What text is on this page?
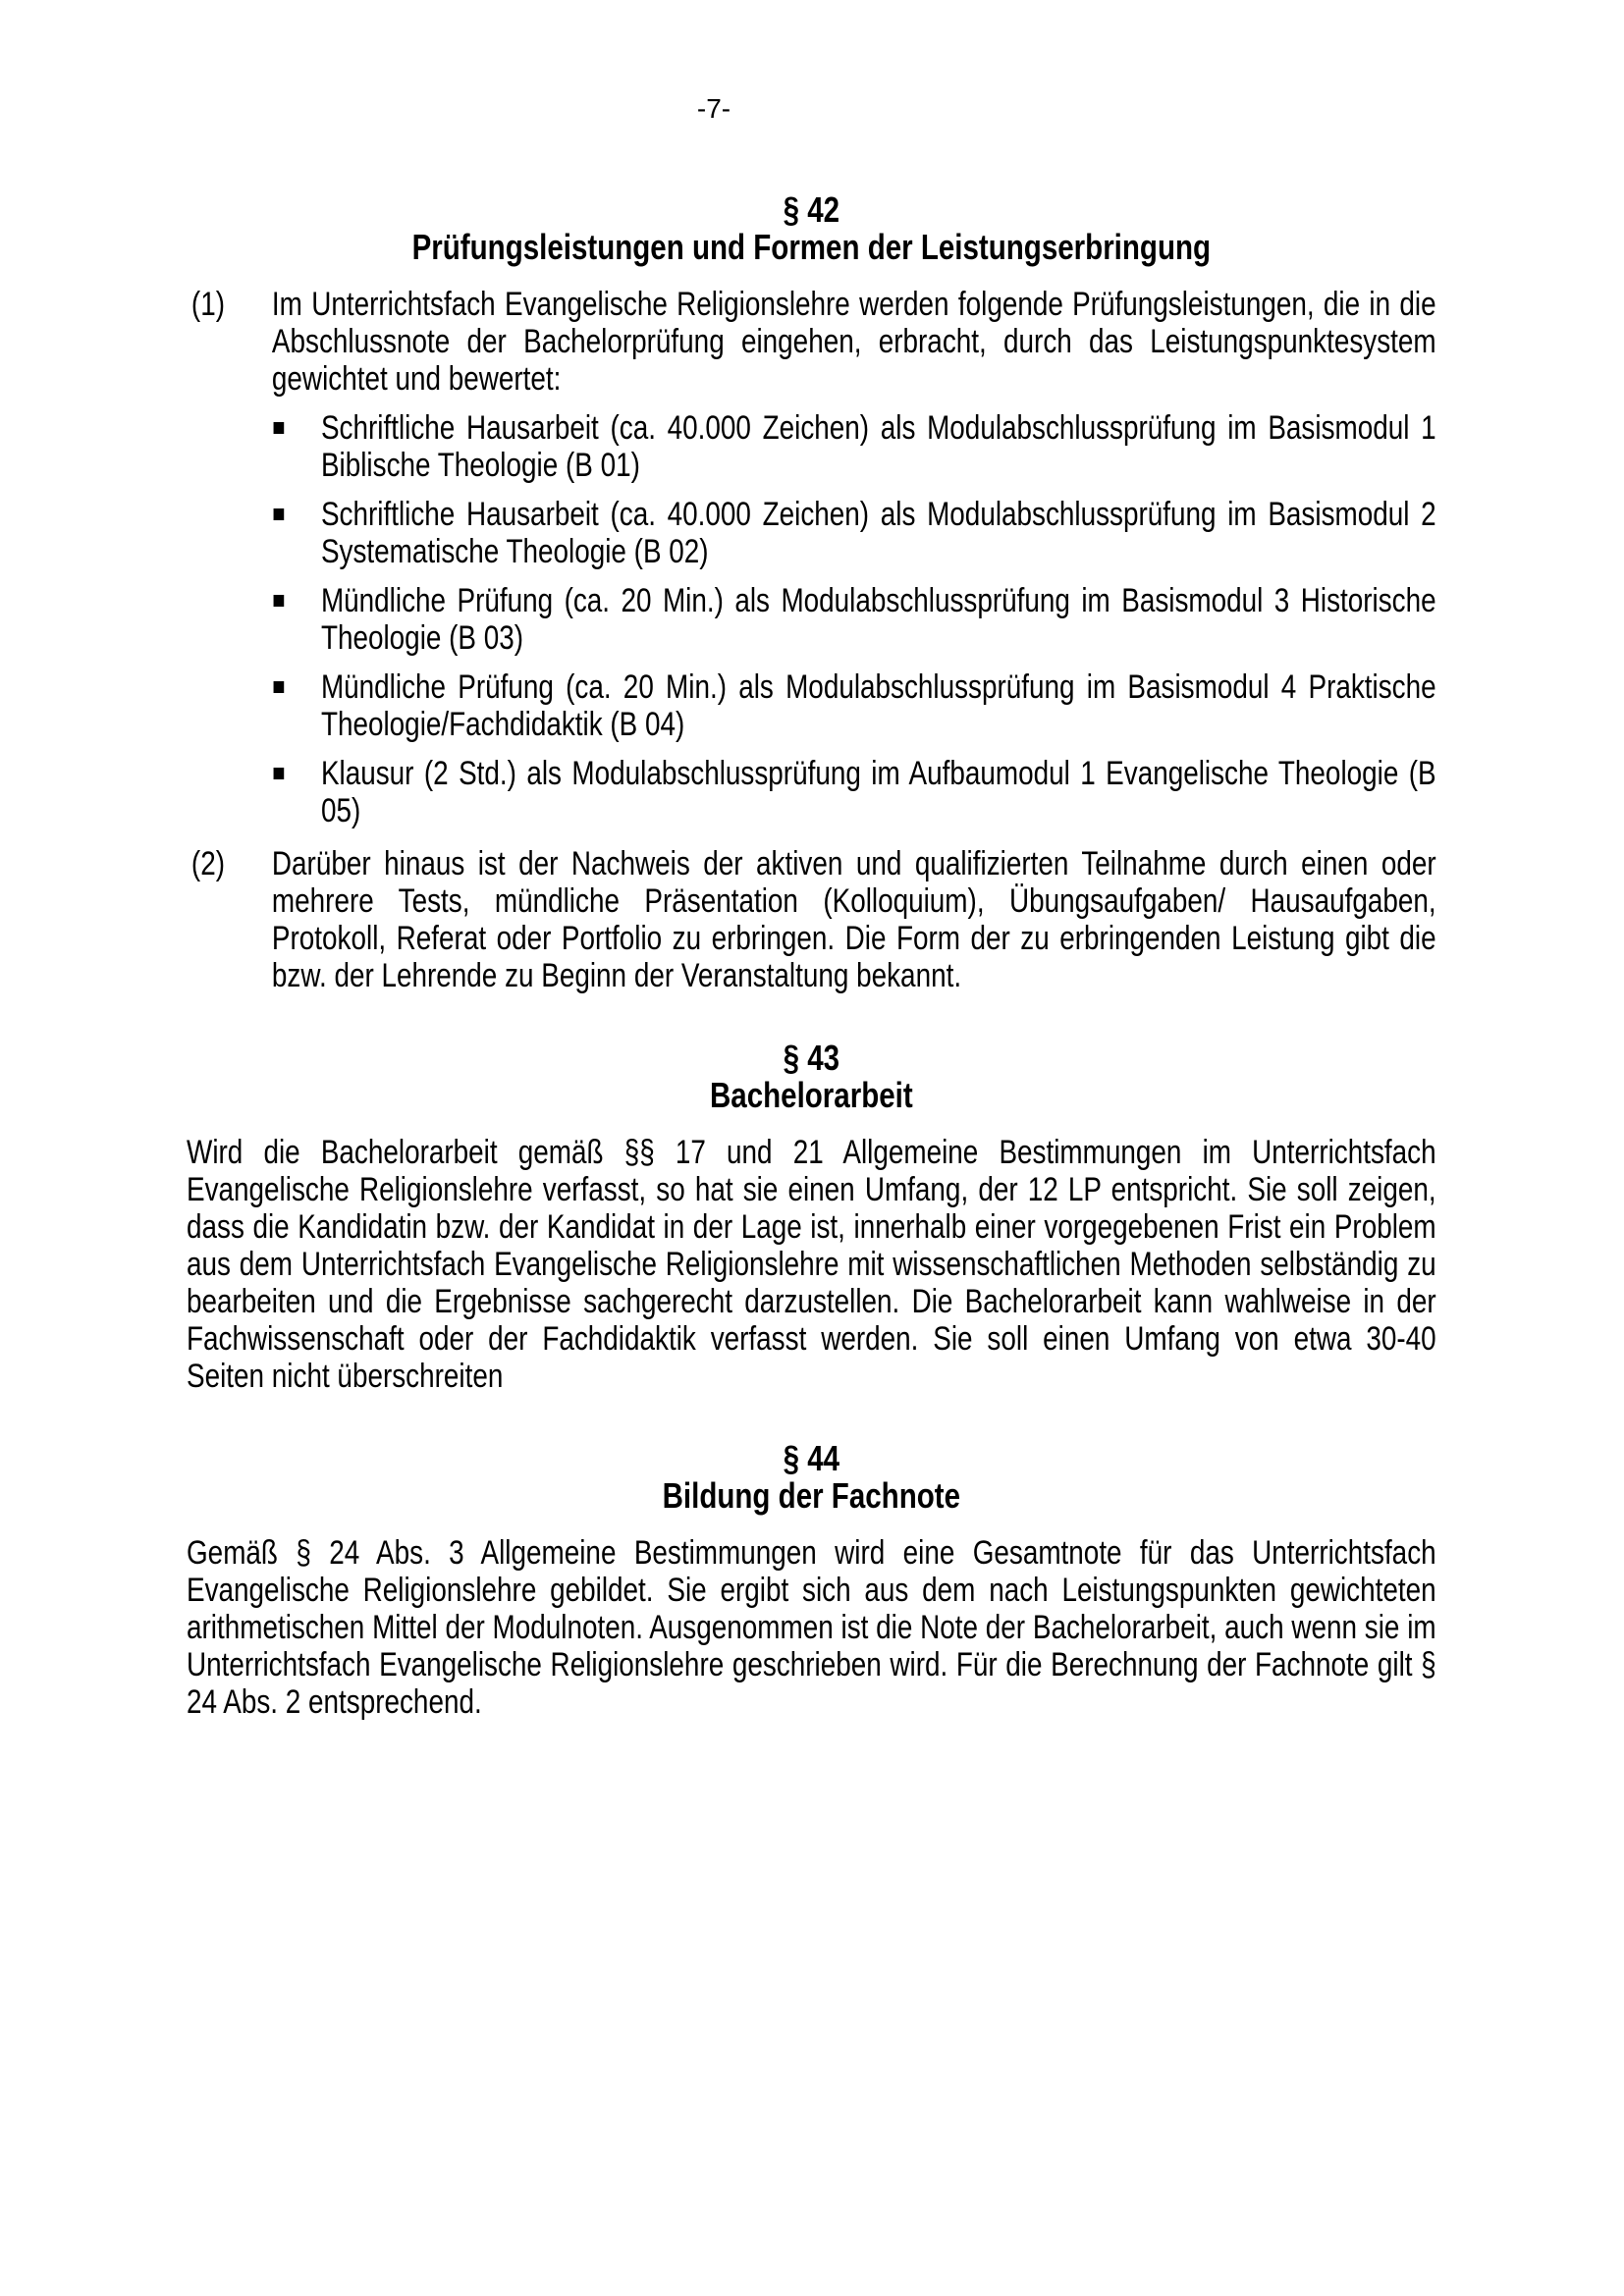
-7-
§ 42
Prüfungsleistungen und Formen der Leistungserbringung
(1)	Im Unterrichtsfach Evangelische Religionslehre werden folgende Prüfungsleistungen, die in die Abschlussnote der Bachelorprüfung eingehen, erbracht, durch das Leistungspunktesystem gewichtet und bewertet:

Schriftliche Hausarbeit (ca. 40.000 Zeichen) als Modulabschlussprüfung im Basismodul 1 Biblische Theologie (B 01)

Schriftliche Hausarbeit (ca. 40.000 Zeichen) als Modulabschlussprüfung im Basismodul 2 Systematische Theologie (B 02)

Mündliche Prüfung (ca. 20 Min.) als Modulabschlussprüfung im Basismodul 3 Historische Theologie (B 03)

Mündliche Prüfung (ca. 20 Min.) als Modulabschlussprüfung im Basismodul 4 Praktische Theologie/Fachdidaktik (B 04)

Klausur (2 Std.) als Modulabschlussprüfung im Aufbaumodul 1 Evangelische Theologie (B 05)

(2)	Darüber hinaus ist der Nachweis der aktiven und qualifizierten Teilnahme durch einen oder mehrere Tests, mündliche Präsentation (Kolloquium), Übungsaufgaben/ Hausaufgaben, Protokoll, Referat oder Portfolio zu erbringen. Die Form der zu erbringenden Leistung gibt die bzw. der Lehrende zu Beginn der Veranstaltung bekannt.

§ 43
Bachelorarbeit

Wird die Bachelorarbeit gemäß §§ 17 und 21 Allgemeine Bestimmungen im Unterrichtsfach Evangelische Religionslehre verfasst, so hat sie einen Umfang, der 12 LP entspricht. Sie soll zeigen, dass die Kandidatin bzw. der Kandidat in der Lage ist, innerhalb einer vorgegebenen Frist ein Problem aus dem Unterrichtsfach Evangelische Religionslehre mit wissenschaftlichen Methoden selbständig zu bearbeiten und die Ergebnisse sachgerecht darzustellen. Die Bachelorarbeit kann wahlweise in der Fachwissenschaft oder der Fachdidaktik verfasst werden. Sie soll einen Umfang von etwa 30-40 Seiten nicht überschreiten

§ 44
Bildung der Fachnote

Gemäß § 24 Abs. 3 Allgemeine Bestimmungen wird eine Gesamtnote für das Unterrichtsfach Evangelische Religionslehre gebildet. Sie ergibt sich aus dem nach Leistungspunkten gewichteten arithmetischen Mittel der Modulnoten. Ausgenommen ist die Note der Bachelorarbeit, auch wenn sie im Unterrichtsfach Evangelische Religionslehre geschrieben wird. Für die Berechnung der Fachnote gilt § 24 Abs. 2 entsprechend.
